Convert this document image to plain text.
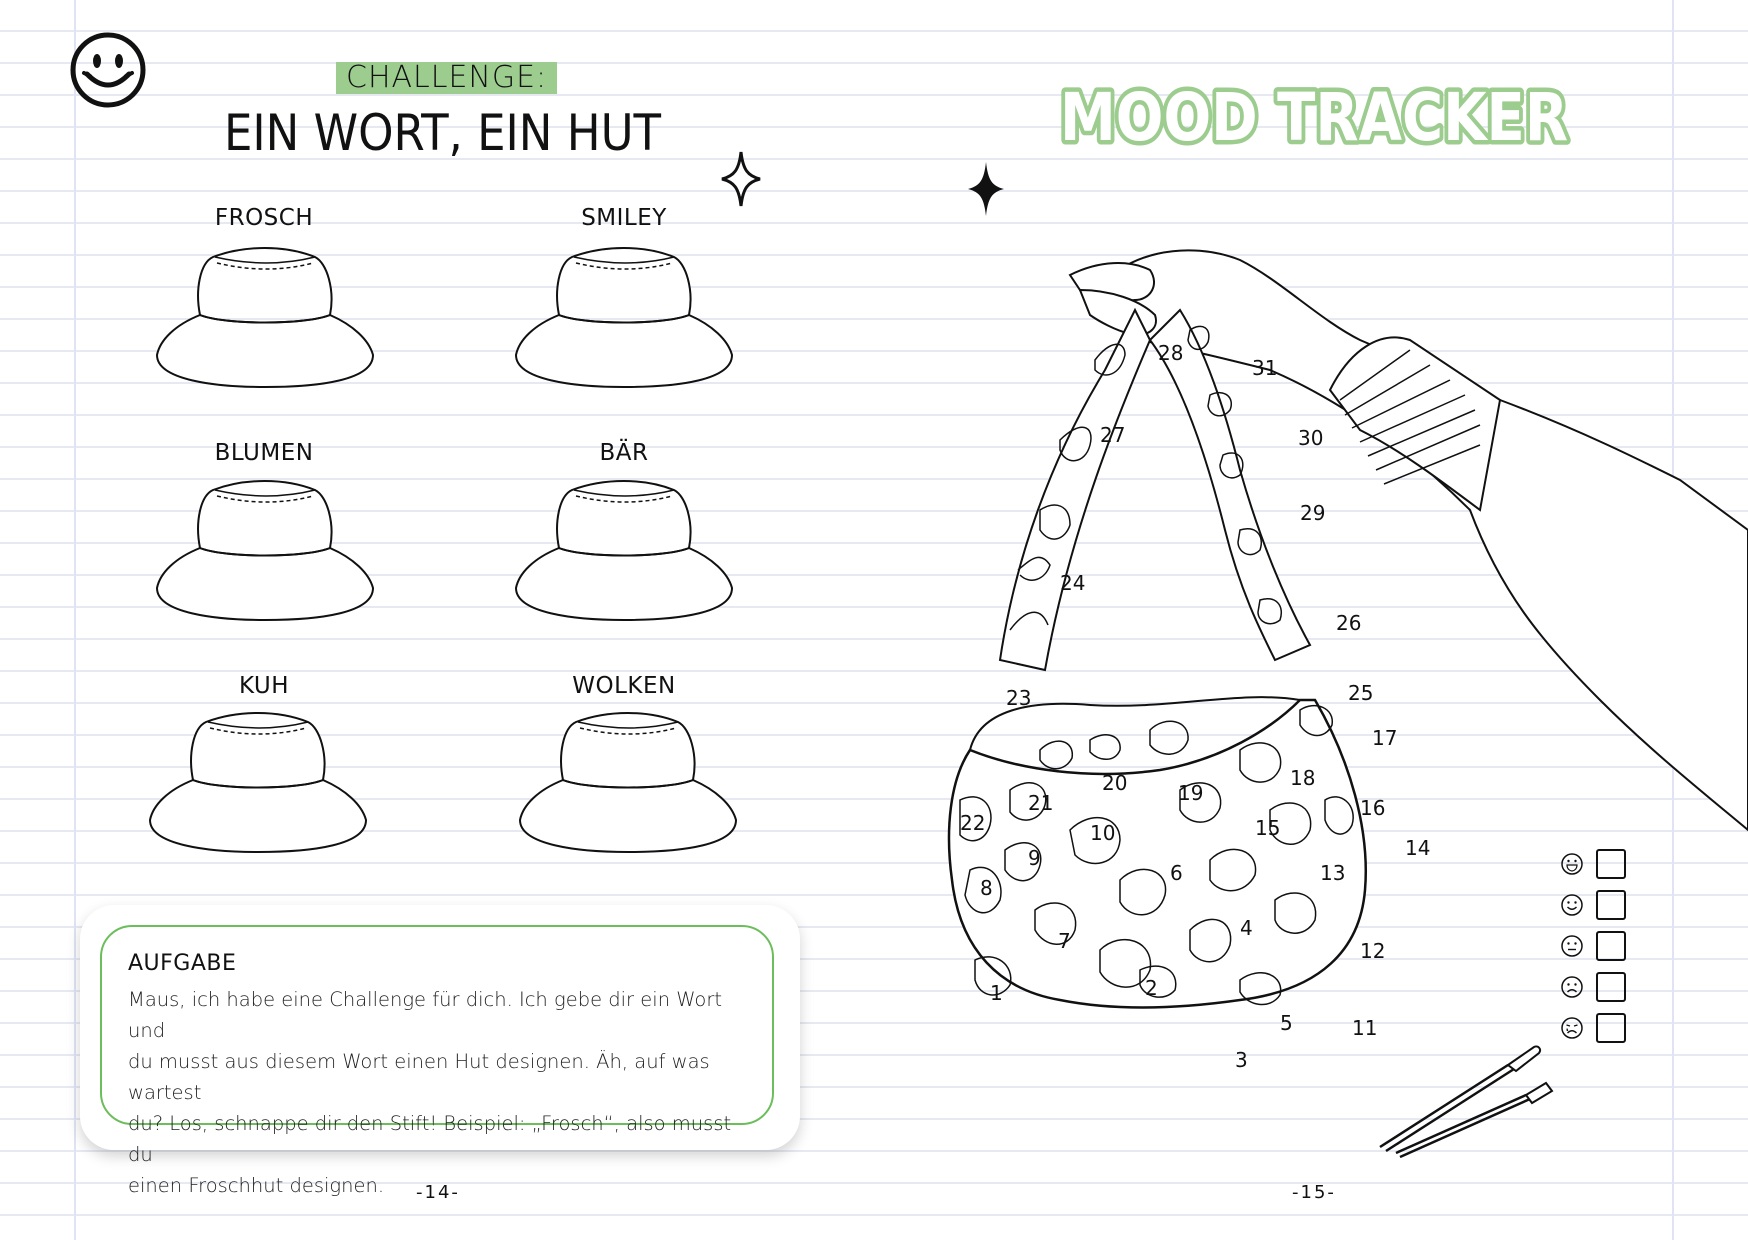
CHALLENGE:
EIN WORT, EIN HUT
FROSCH	SMILEY
BLUMEN	BÄR
KUH	WOLKEN
AUFGABE
Maus, ich habe eine Challenge für dich. Ich gebe dir ein Wort und
du musst aus diesem Wort einen Hut designen. Äh, auf was wartest
du? Los, schnappe dir den Stift! Beispiel: „Frosch“, also musst du
einen Froschhut designen.	-14-
MOOD TRACKER
1	2
3
4
5
6
7
8
9
10
11
12
13
14
15
16
17
18
19
20
21
22
23
24
25
26
27
28
29
30
31
-15-
